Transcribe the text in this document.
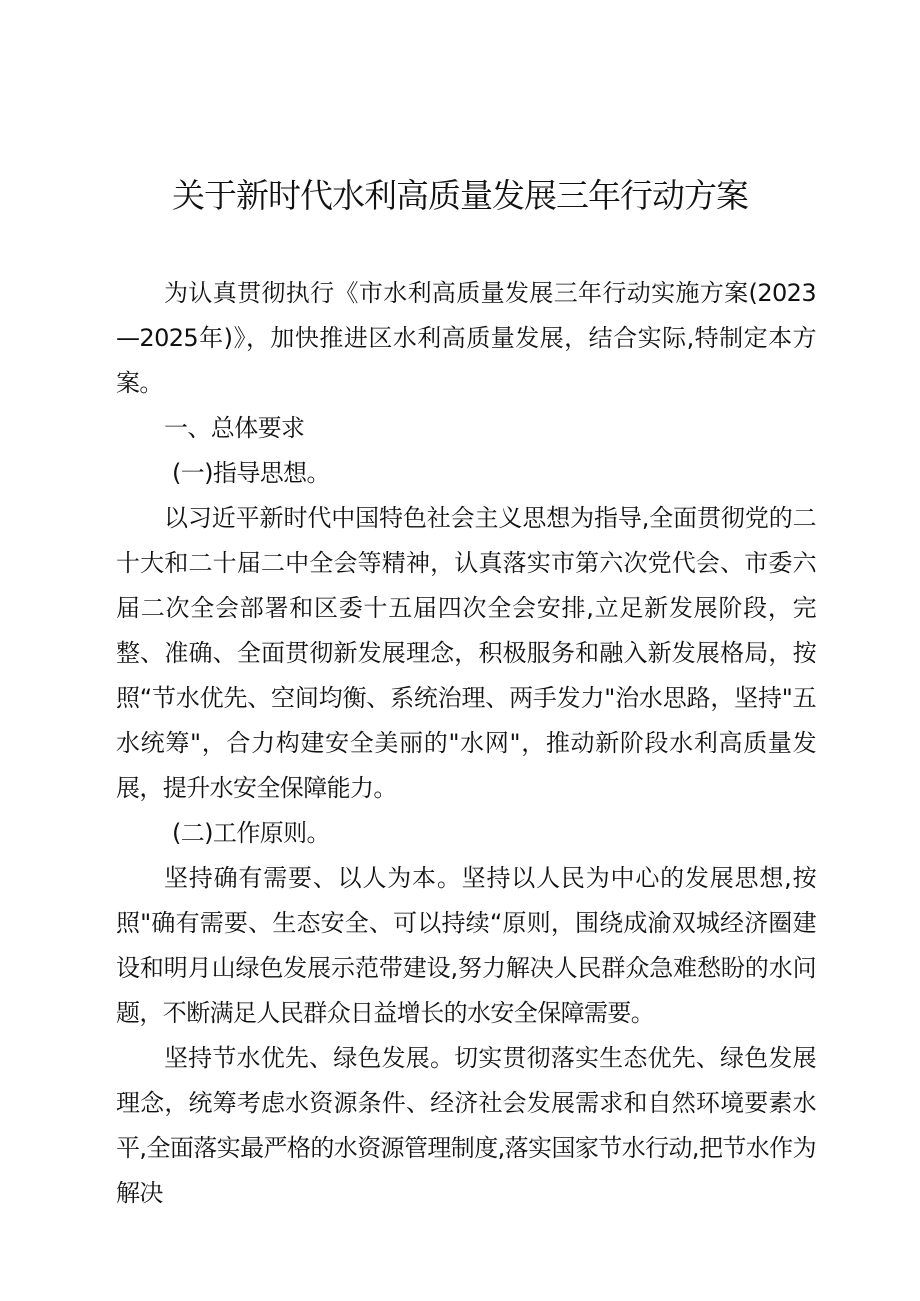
关于新时代水利高质量发展三年行动方案

为认真贯彻执行《市水利高质量发展三年行动实施方案(2023—2025年)》，加快推进区水利高质量发展，结合实际,特制定本方案。

一、总体要求

(一)指导思想。

以习近平新时代中国特色社会主义思想为指导,全面贯彻党的二十大和二十届二中全会等精神，认真落实市第六次党代会、市委六届二次全会部署和区委十五届四次全会安排,立足新发展阶段，完整、准确、全面贯彻新发展理念，积极服务和融入新发展格局，按照“节水优先、空间均衡、系统治理、两手发力"治水思路，坚持"五水统筹"，合力构建安全美丽的"水网"，推动新阶段水利高质量发展，提升水安全保障能力。

(二)工作原则。

坚持确有需要、以人为本。坚持以人民为中心的发展思想,按照"确有需要、生态安全、可以持续“原则，围绕成渝双城经济圈建设和明月山绿色发展示范带建设,努力解决人民群众急难愁盼的水问题，不断满足人民群众日益增长的水安全保障需要。

坚持节水优先、绿色发展。切实贯彻落实生态优先、绿色发展理念，统筹考虑水资源条件、经济社会发展需求和自然环境要素水平,全面落实最严格的水资源管理制度,落实国家节水行动,把节水作为解决
